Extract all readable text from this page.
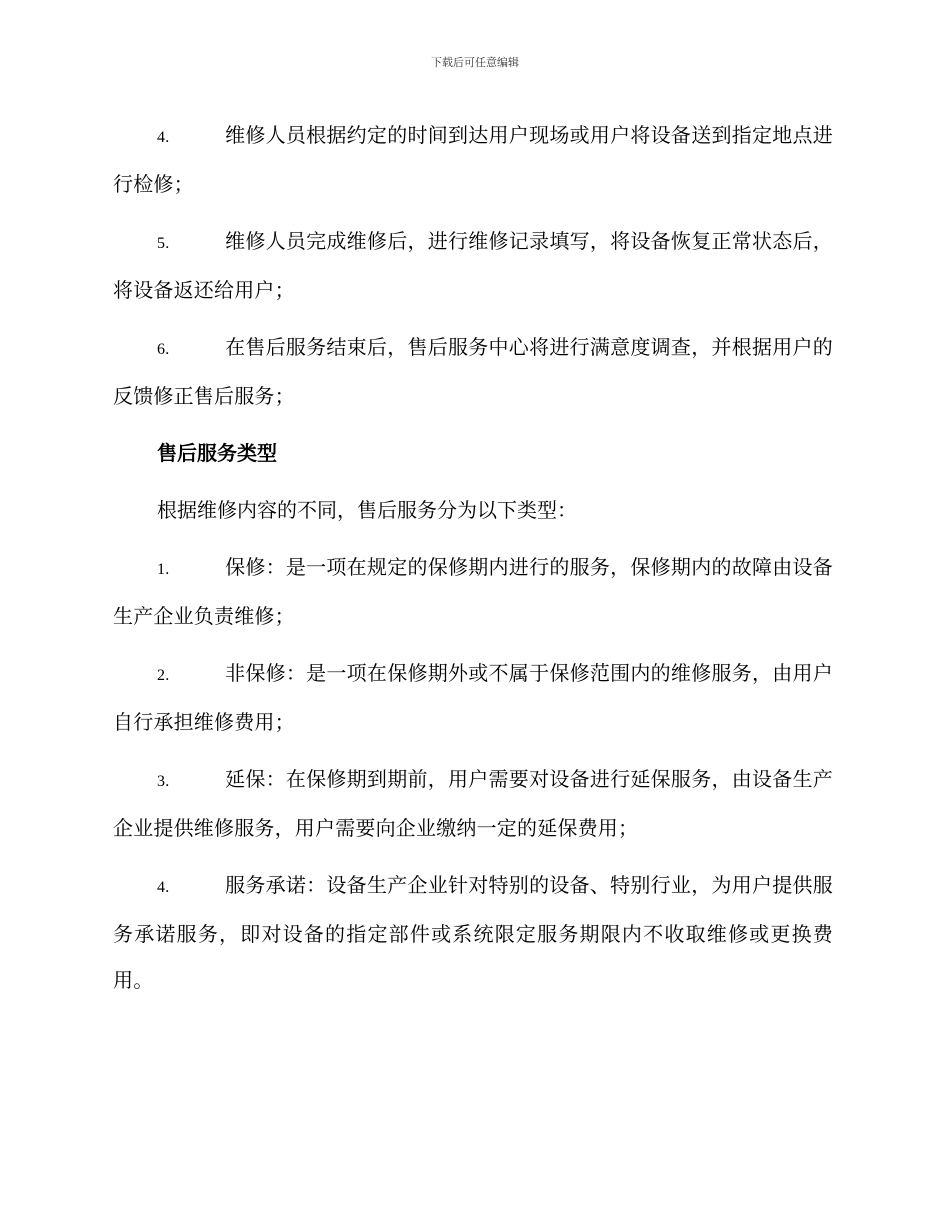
下载后可任意编辑
4.	维修人员根据约定的时间到达用户现场或用户将设备送到指定地点进行检修；
5.	维修人员完成维修后，进行维修记录填写，将设备恢复正常状态后，将设备返还给用户；
6.	在售后服务结束后，售后服务中心将进行满意度调查，并根据用户的反馈修正售后服务；
售后服务类型
根据维修内容的不同，售后服务分为以下类型：
1.	保修：是一项在规定的保修期内进行的服务，保修期内的故障由设备生产企业负责维修；
2.	非保修：是一项在保修期外或不属于保修范围内的维修服务，由用户自行承担维修费用；
3.	延保：在保修期到期前，用户需要对设备进行延保服务，由设备生产企业提供维修服务，用户需要向企业缴纳一定的延保费用；
4.	服务承诺：设备生产企业针对特别的设备、特别行业，为用户提供服务承诺服务，即对设备的指定部件或系统限定服务期限内不收取维修或更换费用。
